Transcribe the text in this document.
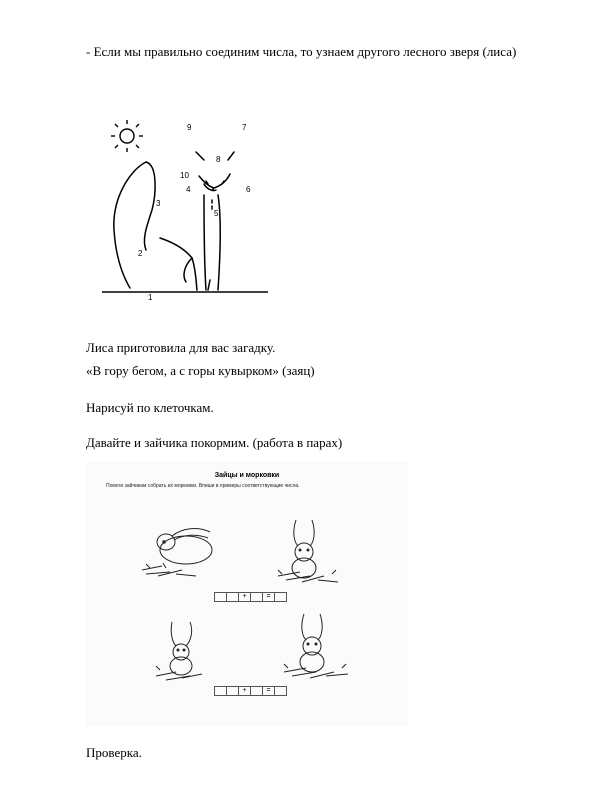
- Если мы правильно соединим числа, то узнаем другого лесного зверя (лиса)
1
2
3
4
5
6
7
8
9
10
Лиса приготовила для вас загадку.
«В гору бегом, а с горы кувырком» (заяц)
Нарисуй по клеточкам.
Давайте и зайчика покормим. (работа в парах)
Зайцы и морковки
Помоги зайчикам собрать их морковки. Впиши в примеры соответствующие числа.
+	=
+	=
Проверка.
